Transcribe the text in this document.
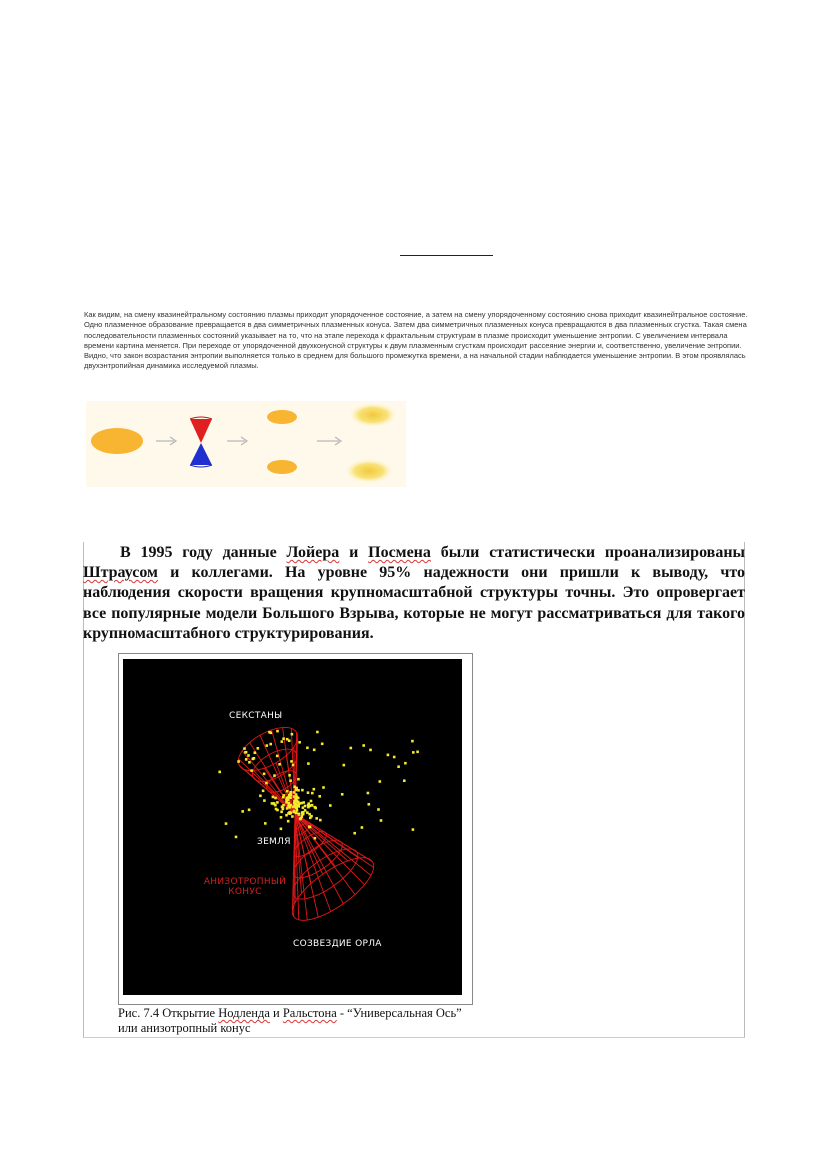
Как видим, на смену квазинейтральному состоянию плазмы приходит упорядоченное состояние, а затем на смену упорядоченному состоянию снова приходит квазинейтральное состояние. Одно плазменное образование превращается в два симметричных плазменных конуса. Затем два симметричных плазменных конуса превращаются в два плазменных сгустка. Такая смена последовательности плазменных состояний указывает на то, что на этапе перехода к фрактальным структурам в плазме происходит уменьшение энтропии. С увеличением интервала времени картина меняется. При переходе от упорядоченной двухконусной структуры к двум плазменным сгусткам происходит рассеяние энергии и, соответственно, увеличение энтропии. Видно, что закон возрастания энтропии выполняется только в среднем для большого промежутка времени, а на начальной стадии наблюдается уменьшение энтропии. В этом проявлялась двухэнтропийная динамика исследуемой плазмы.
В 1995 году данные Лойера и Посмена были статистически проанализированы Штраусом и коллегами. На уровне 95% надежности они пришли к выводу, что наблюдения скорости вращения крупномасштабной структуры точны. Это опровергает все популярные модели Большого Взрыва, которые не могут рассматриваться для такого крупномасштабного структурирования.
СЕКСТАНЫ
ЗЕМЛЯ
АНИЗОТРОПНЫЙ
КОНУС
СОЗВЕЗДИЕ ОРЛА
Рис. 7.4 Открытие Нодленда и Ральстона - “Универсальная Ось”
или анизотропный конус
